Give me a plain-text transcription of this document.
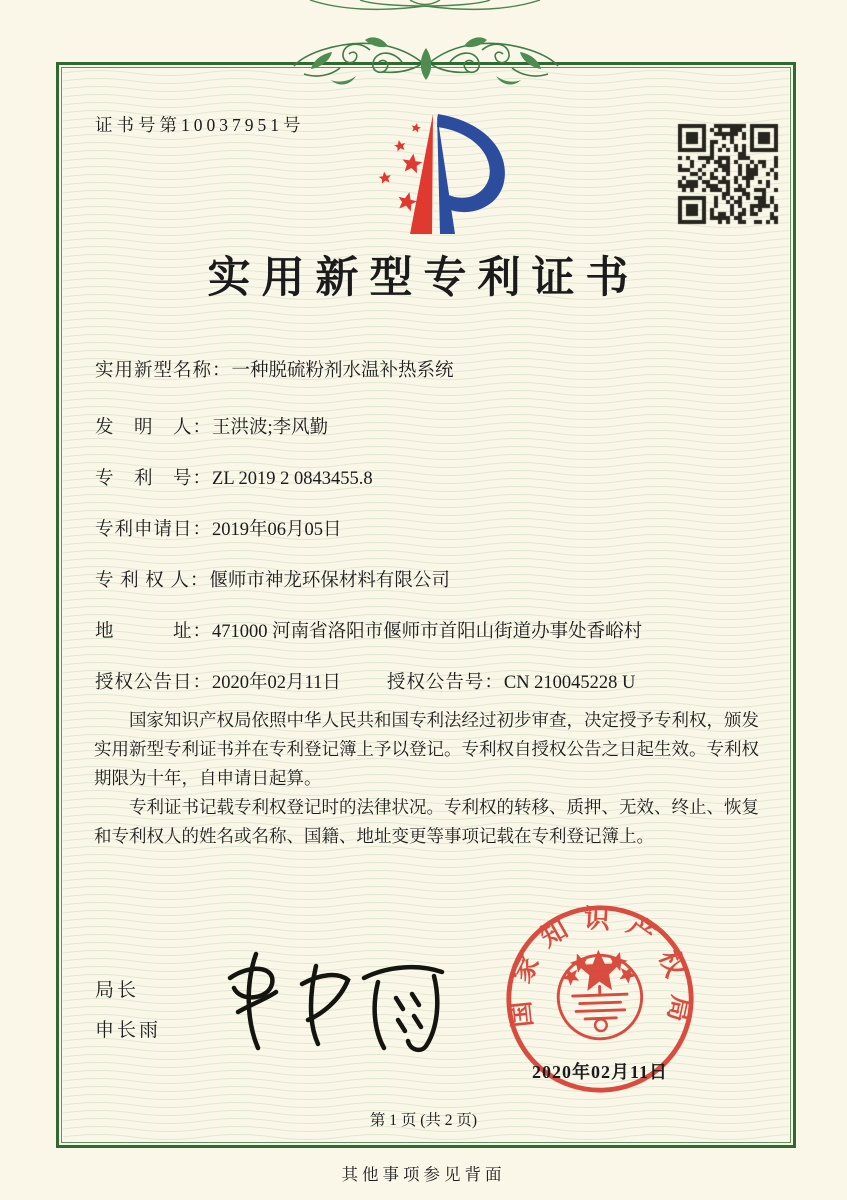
证书号第10037951号
实用新型专利证书
实用新型名称：一种脱硫粉剂水温补热系统
发　明　人：王洪波;李风勤
专　利　号：ZL 2019 2 0843455.8
专利申请日：2019年06月05日
专 利 权 人：偃师市神龙环保材料有限公司
地　　　址：471000 河南省洛阳市偃师市首阳山街道办事处香峪村
授权公告日：2020年02月11日 授权公告号：CN 210045228 U

国家知识产权局依照中华人民共和国专利法经过初步审查，决定授予专利权，颁发实用新型专利证书并在专利登记簿上予以登记。专利权自授权公告之日起生效。专利权期限为十年，自申请日起算。

专利证书记载专利权登记时的法律状况。专利权的转移、质押、无效、终止、恢复和专利权人的姓名或名称、国籍、地址变更等事项记载在专利登记簿上。

局长
申长雨
国家知识产权局
2020年02月11日
第 1 页 (共 2 页)
其他事项参见背面
